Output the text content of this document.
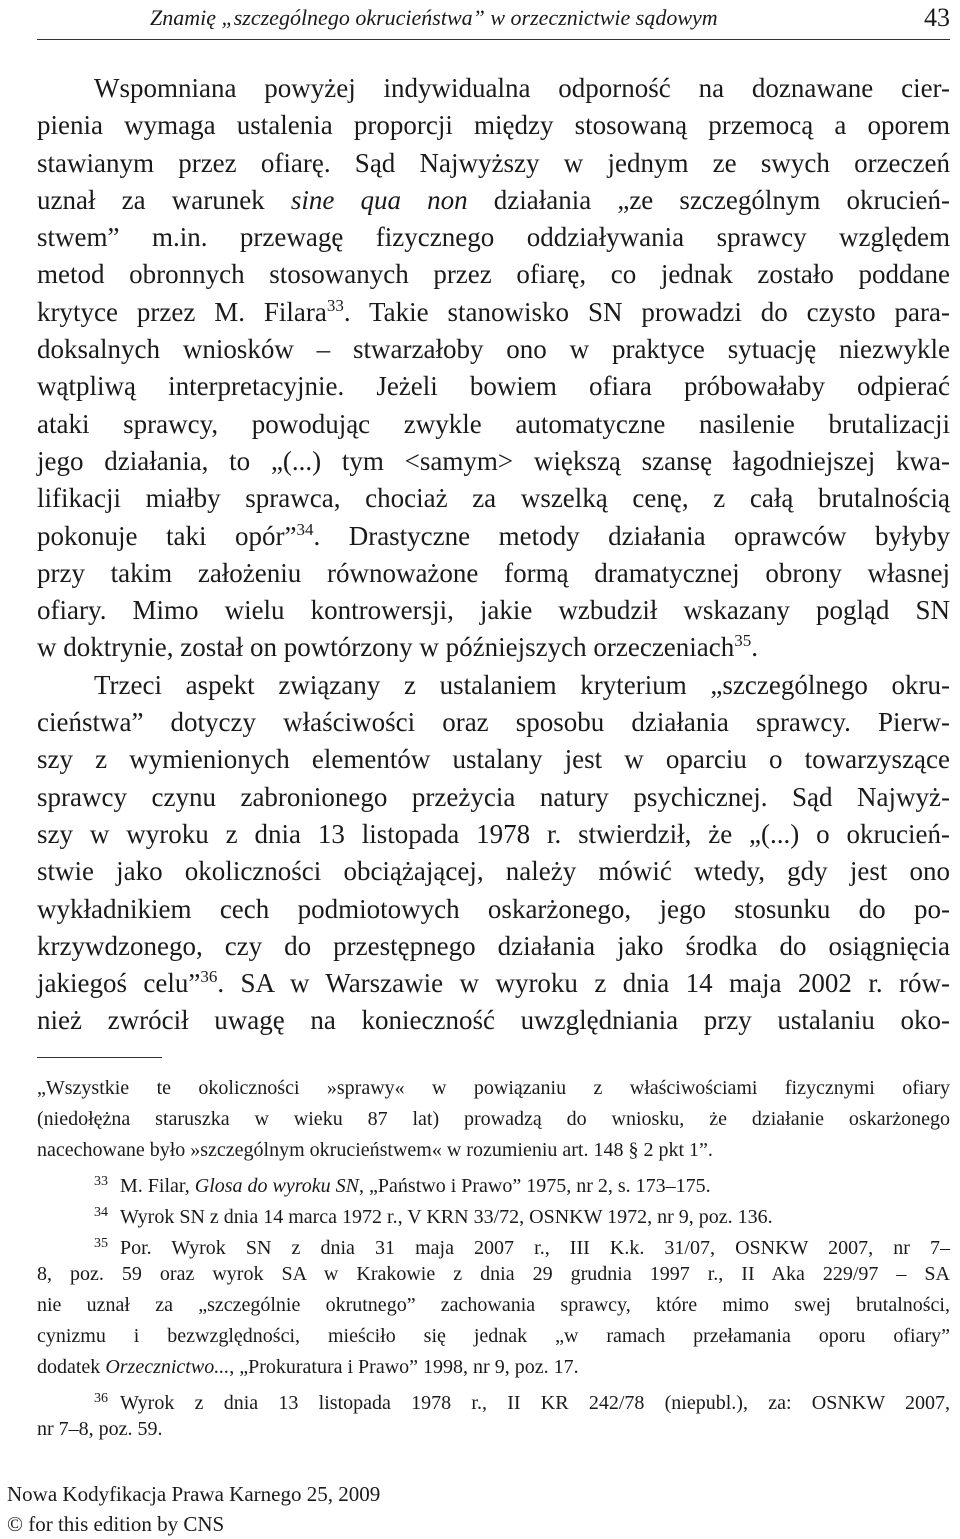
Znamię „szczególnego okrucieństwa” w orzecznictwie sądowym	43
Wspomniana powyżej indywidualna odporność na doznawane cier-
pienia wymaga ustalenia proporcji między stosowaną przemocą a oporem
stawianym przez ofiarę. Sąd Najwyższy w jednym ze swych orzeczeń
uznał za warunek sine qua non działania „ze szczególnym okrucień-
stwem” m.in. przewagę fizycznego oddziaływania sprawcy względem
metod obronnych stosowanych przez ofiarę, co jednak zostało poddane
krytyce przez M. Filara$^{33}$. Takie stanowisko SN prowadzi do czysto para-
doksalnych wniosków – stwarzałoby ono w praktyce sytuację niezwykle
wątpliwą interpretacyjnie. Jeżeli bowiem ofiara próbowałaby odpierać
ataki sprawcy, powodując zwykle automatyczne nasilenie brutalizacji
jego działania, to „(...) tym <samym> większą szansę łagodniejszej kwa-
lifikacji miałby sprawca, chociaż za wszelką cenę, z całą brutalnością
pokonuje taki opór”$^{34}$. Drastyczne metody działania oprawców byłyby
przy takim założeniu równoważone formą dramatycznej obrony własnej
ofiary. Mimo wielu kontrowersji, jakie wzbudził wskazany pogląd SN
w doktrynie, został on powtórzony w późniejszych orzeczeniach$^{35}$.
Trzeci aspekt związany z ustalaniem kryterium „szczególnego okru-
cieństwa” dotyczy właściwości oraz sposobu działania sprawcy. Pierw-
szy z wymienionych elementów ustalany jest w oparciu o towarzyszące
sprawcy czynu zabronionego przeżycia natury psychicznej. Sąd Najwyż-
szy w wyroku z dnia 13 listopada 1978 r. stwierdził, że „(...) o okrucień-
stwie jako okoliczności obciążającej, należy mówić wtedy, gdy jest ono
wykładnikiem cech podmiotowych oskarżonego, jego stosunku do po-
krzywdzonego, czy do przestępnego działania jako środka do osiągnięcia
jakiegoś celu”$^{36}$. SA w Warszawie w wyroku z dnia 14 maja 2002 r. rów-
nież zwrócił uwagę na konieczność uwzględniania przy ustalaniu oko-
„Wszystkie te okoliczności »sprawy« w powiązaniu z właściwościami fizycznymi ofiary
(niedołężna staruszka w wieku 87 lat) prowadzą do wniosku, że działanie oskarżonego
nacechowane było »szczególnym okrucieństwem« w rozumieniu art. 148 § 2 pkt 1”.
$^{33}$ M. Filar, Glosa do wyroku SN, „Państwo i Prawo” 1975, nr 2, s. 173–175.
$^{34}$ Wyrok SN z dnia 14 marca 1972 r., V KRN 33/72, OSNKW 1972, nr 9, poz. 136.
$^{35}$ Por. Wyrok SN z dnia 31 maja 2007 r., III K.k. 31/07, OSNKW 2007, nr 7–
8, poz. 59 oraz wyrok SA w Krakowie z dnia 29 grudnia 1997 r., II Aka 229/97 – SA
nie uznał za „szczególnie okrutnego” zachowania sprawcy, które mimo swej brutalności,
cynizmu i bezwzględności, mieściło się jednak „w ramach przełamania oporu ofiary”
dodatek Orzecznictwo..., „Prokuratura i Prawo” 1998, nr 9, poz. 17.
$^{36}$ Wyrok z dnia 13 listopada 1978 r., II KR 242/78 (niepubl.), za: OSNKW 2007,
nr 7–8, poz. 59.
Nowa Kodyfikacja Prawa Karnego 25, 2009
© for this edition by CNS
